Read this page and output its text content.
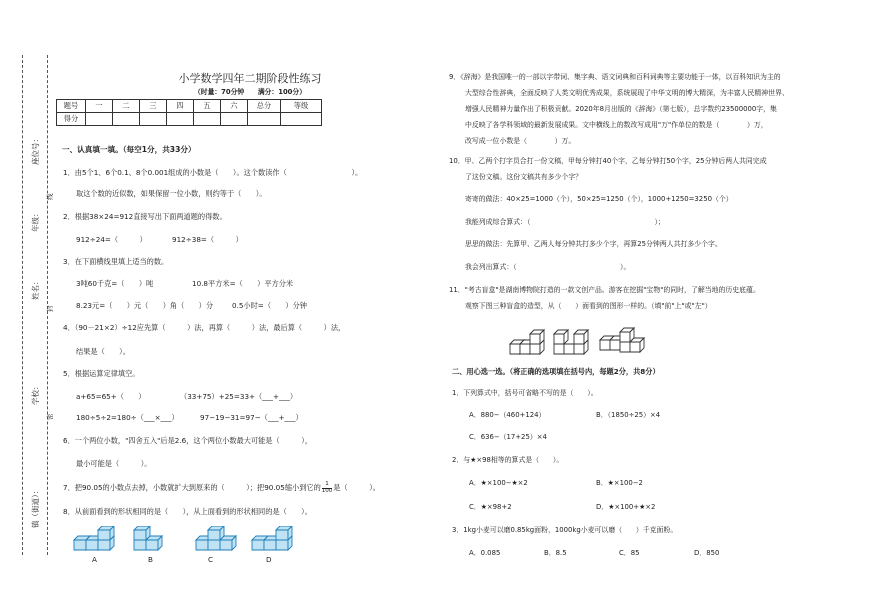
座位号：
年级：
姓名：
学校：
镇（街道）：
线
封
密
小学数学四年二期阶段性练习
（时量：70分钟　　满分：100分）
题号	一	二	三	四	五	六	总分	等级
得分								
一、认真填一填。（每空1分，共33分）
1．由5个1、6个0.1、8个0.001组成的小数是（　　）。这个数读作（　　　　　　　　　）。
取这个数的近似数，如果保留一位小数，则约等于（　　）。
2．根据38×24=912直接写出下面两道题的得数。
912÷24=（　　　）	912÷38=（　　　）
3．在下面横线里填上适当的数。
3吨60千克=（　　）吨	10.8平方米=（　　）平方分米
8.23元=（　　）元（　　）角（　　）分	0.5小时=（　　）分钟
4．（90－21×2）÷12应先算（　　　）法，再算（　　　）法，最后算（　　　）法，
结果是（　　）。
5．根据运算定律填空。
a+65=65+（　　）	（33+75）+25=33+（___+___）
180÷5÷2=180÷（___×___）	97−19−31=97−（___+___）
6．一个两位小数，"四舍五入"后是2.6，这个两位小数最大可能是（　　　），
最小可能是（　　　）。
7．把90.05的小数点去掉，小数就扩大到原来的（　　　）；把90.05缩小到它的 $\frac{1}{100}$ 是（　　　）。
8．从前面看到的形状相同的是（　　），从上面看到的形状相同的是（　　）。
A	B	C	D
9．《辞海》是我国唯一的一部以字带词、集字典、语文词典和百科词典等主要功能于一体，以百科知识为主的
大型综合性辞典，全面反映了人类文明优秀成果，系统展现了中华文明的博大精深，为丰富人民精神世界、
增强人民精神力量作出了积极贡献。2020年8月出版的《辞海》（第七版），总字数约23500000字，集
中反映了各学科领域的最新发展成果。文中横线上的数改写成用"万"作单位的数是（　　　　）万，
改写成一位小数是（　　　　）万。
10．甲、乙两个打字员合打一份文稿，甲每分钟打40个字，乙每分钟打50个字，25分钟后两人共同完成
了这份文稿。这份文稿共有多少个字？
寄寄的做法：40×25=1000（个），50×25=1250（个），1000+1250=3250（个）
我能列成综合算式：（　　　　　　　　　　　　　　　　　　）；
思思的做法：先算甲、乙两人每分钟共打多少个字，再算25分钟两人共打多少个字。
我会列出算式：（　　　　　　　　　　　　　　　）。
11．"考古盲盒"是湖南博物院打造的一款文创产品。游客在挖掘"宝物"的同时，了解当地的历史底蕴。
观察下图三种盲盒的造型，从（　　）面看到的图形一样的。（填"前"上"或"左"）
二、用心选一选。（将正确的选项填在括号内，每题2分，共8分）
1．下列算式中，括号可省略不写的是（　　）。
A．880−（460+124）	B．（1850÷25）×4
C．636−（17+25）×4
2．与★×98相等的算式是（　　）。
A．★×100−★×2	B．★×100−2
C．★×98+2	D．★×100+★×2
3．1kg小麦可以磨0.85kg面粉，1000kg小麦可以磨（　　）千克面粉。
A．0.085	B．8.5	C．85	D．850
